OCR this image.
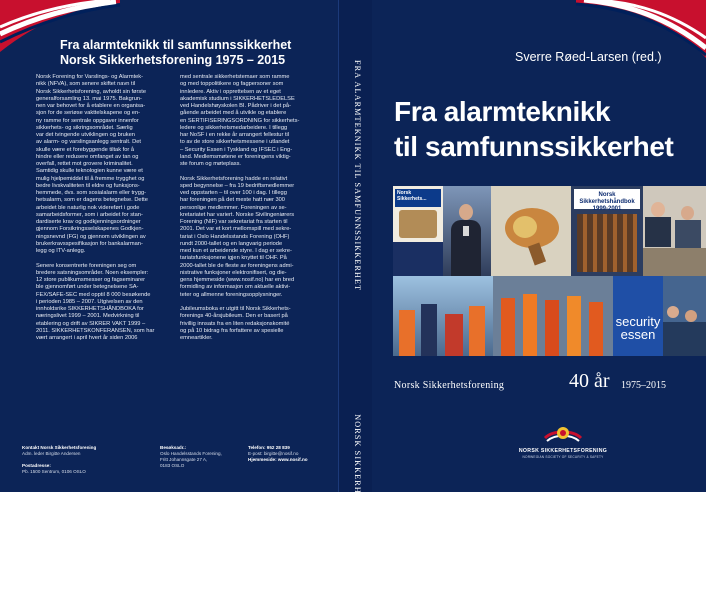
Fra alarmteknikk til samfunnssikkerhet
Norsk Sikkerhetsforening 1975 – 2015
Norsk Forening for Varslings- og Alarmtek-
nikk (NFVA), som senere skiftet navn til
Norsk Sikkerhetsforening, avholdt sin første
generalforsamling 13. mai 1975. Bakgrun-
nen var behovet for å etablere en organisa-
sjon for de seriøse vakttelskapene og en-
ny ramme for sentrale oppgaver innenfor
sikkerhets- og sikringsområdet. Særlig
var det tvingende utviklingen og bruken
av alarm- og varslingsanlegg sentralt. Det
skulle være et forebyggende tiltak for å
hindre eller redusere omfanget av tan og
overfall, rettet mot grovere kriminalitet.
Samtidig skulle teknologien kunne være et
mulig hjelpemiddel til å fremme trygghet og
bedre livskvaliteten til eldre og funksjons-
hemmede, dvs. som sosialalarm eller trygg-
hetsalarm, som er dagens betegnelse. Dette
arbeidet ble naturlig nok videreført i gode
samarbeidsformer, som i arbeidet for stan-
dardiserte krav og godkjenningsordninger
gjennom Forsikringsselskapenes Godkjen-
ningsnevnd (FG) og gjennom utviklingen av
brukerkravsspesifikasjon for bankalarman-
legg og ITV-anlegg.

Senere konsentrerte foreningen seg om
bredere satsningsområder. Noen eksempler:
12 store publikumsmesser og fagseminarer
ble gjennomført under betegnelsene SA-
FEX/SAFE-SEC med opptil 8 000 besøkende
i perioden 1985 – 2007. Utgivelsen av den
innholdsrike SIKKERHETSHÅNDBOKA for
næringslivet 1999 – 2001. Medvirkning til
etablering og drift av SIKRER VAKT 1999 –
2011. SIKKERHETSKONFERANSEN, som har
vært arrangert i april hvert år siden 2006
med sentrale sikkerhetstemaer som ramme
og med toppolitikere og fagpersoner som
innledere. Aktiv i opprettelsen av et eget
akademisk studium i SIKKERHETSLEDELSE
ved Handelshøyskolen BI. Pådriver i det på-
gående arbeidet med å utvikle og etablere
en SERTIFISERINGSORDNING for sikkerhets-
ledere og sikkerhetsmedarbeidere. I tillegg
har NoSF i en rekke år arrangert fellestur til
to av de store sikkerhetsmessene i utlandet
– Security Essen i Tyskland og IFSEC i Eng-
land. Medlemsmøtene er foreningens viktig-
ste forum og møteplass.

Norsk Sikkerhetsforening hadde en relativt
sped begynnelse – fra 19 bedriftsmedlemmer
ved oppstarten – til over 100 i dag. I tillegg
har foreningen på det meste hatt nær 300
personlige medlemmer. Foreningen av se-
kretariatet har variert. Norske Sivilingeniørers
Forening (NIF) var sekretariat fra starten til
2001. Det var et kort mellomspill med sekre-
tariat i Oslo Handelsstands Forening (OHF)
rundt 2000-tallet og en langvarig periode
med kun et arbeidende styre. I dag er sekre-
tariatsfunksjonene igjen knyttet til OHF. På
2000-tallet ble de fleste av foreningens admi-
nistrative funksjoner elektronifisert, og die-
gens hjemmeside (www.nosif.no) har en bred
formidling av informasjon om aktuelle aktivi-
teter og allmenne foreningsopplysninger.

Jubileumsboka er utgitt til Norsk Sikkerhets-
forenings 40-årsjubileum. Den er basert på
frivillig innsats fra en liten redaksjonskomité
og på 10 bidrag fra forfattere av spesielle
emneartikler.
Kontakt Norsk Sikkerhetsforening
Adm. leder Birgitte Andersen
Postadresse:
Pb. 1500 Sentrum, 0106 OSLO
Besøksadr.:
Oslo Handelsstands Forening,
Fritt Johannsgate 27 A,
0183 OSLO
Telefon: 952 28 839
E-post: birgitte@nosif.no
Hjemmeside: www.nosif.no
FRA ALARMTEKNIKK TIL SAMFUNNSSIKKERHET NORSK SIKKERHETSFORENING 40 ÅR
Sverre Røed-Larsen (red.)
Fra alarmteknikk
til samfunnssikkerhet
Norsk Sikkerhets...
Norsk Sikkerhetshåndbok 1999-2001
security
essen
Norsk Sikkerhetsforening	40 år 1975–2015
NORSK SIKKERHETSFORENING
NORWEGIAN SOCIETY OF SECURITY & SAFETY
